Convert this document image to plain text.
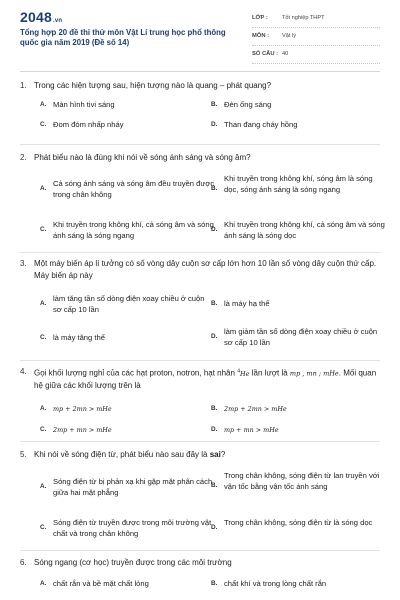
2048.vn
Tổng hợp 20 đề thi thử môn Vật Lí trung học phổ thông quốc gia năm 2019 (Đề số 14)
LỚP :	Tốt nghiệp THPT
MÔN : Vật lý
SỐ CÂU : 40
1. Trong các hiện tượng sau, hiện tượng nào là quang – phát quang?
A. Màn hình tivi sáng	B. Đèn ống sáng
C. Đom đóm nhấp nháy	D. Than đang cháy hồng
2. Phát biểu nào là đúng khi nói về sóng ánh sáng và sóng âm?
A.
Cả sóng ánh sáng và sóng âm đều truyền được trong chân không
B.
Khi truyền trong không khí, sóng âm là sóng dọc, sóng ánh sáng là sóng ngang
C.
Khi truyền trong không khí, cả sóng âm và sóng ánh sáng là sóng ngang
D.
Khi truyền trong không khí, cả sóng âm và sóng ánh sáng là sóng dọc
3. Một máy biến áp lí tưởng có số vòng dây cuộn sơ cấp lớn hơn 10 lần số vòng dây cuộn thứ cấp. Máy biến áp này
A.
làm tăng tần số dòng điện xoay chiều ở cuộn sơ cấp 10 lần
B. là máy hạ thế
C. là máy tăng thế	D.
làm giảm tần số dòng điện xoay chiều ở cuộn sơ cấp 10 lần
4. Gọi khối lượng nghỉ của các hạt proton, notron, hạt nhân $^4$He lần lượt là mp , mn ; mHe. Mối quan hệ giữa các khối lượng trên là
A.	mp + 2mn > mHe	B.	2mp + 2mn > mHe
C.	2mp + mn > mHe	D.	mp + mn > mHe
5. Khi nói về sóng điện từ, phát biểu nào sau đây là sai?
A.
Sóng điện từ bị phản xạ khi gặp mặt phân cách giữa hai mặt phẳng
B.
Trong chân không, sóng điện từ lan truyền với vận tốc bằng vận tốc ánh sáng
C.
Sóng điện từ truyền được trong môi trường vật chất và trong chân không
D.
Trong chân không, sóng điện từ là sóng dọc
6. Sóng ngang (cơ học) truyền được trong các môi trường
A. chất rắn và bề mặt chất lỏng	B. chất khí và trong lòng chất rắn
